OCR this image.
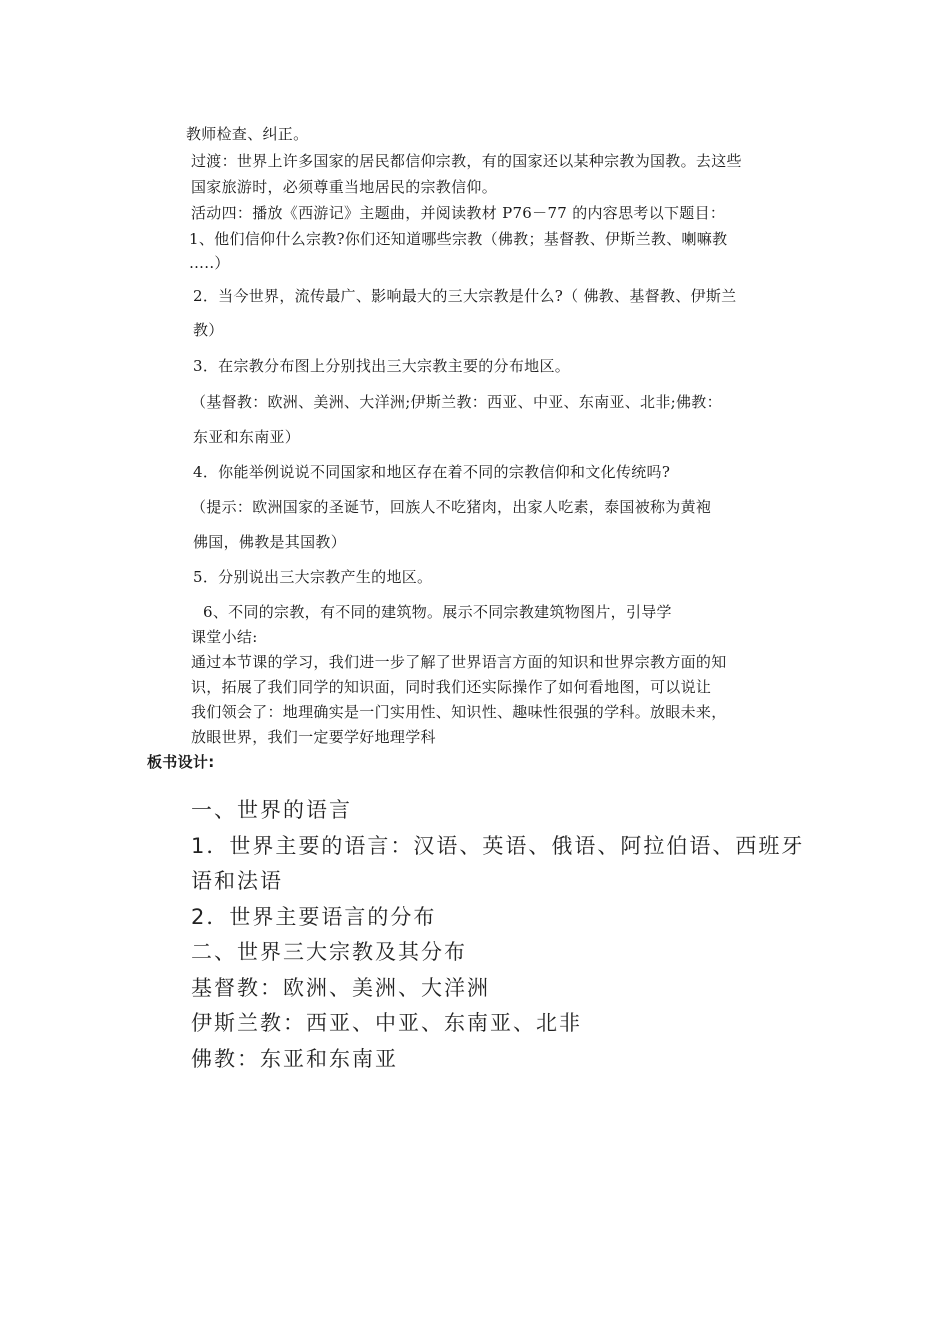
教师检查、纠正。
过渡：世界上许多国家的居民都信仰宗教，有的国家还以某种宗教为国教。去这些
国家旅游时，必须尊重当地居民的宗教信仰。
活动四：播放《西游记》主题曲，并阅读教材 P76－77 的内容思考以下题目：
1、他们信仰什么宗教?你们还知道哪些宗教（佛教；基督教、伊斯兰教、喇嘛教
…..）
2．当今世界，流传最广、影响最大的三大宗教是什么?（ 佛教、基督教、伊斯兰
教）
3．在宗教分布图上分别找出三大宗教主要的分布地区。
（基督教：欧洲、美洲、大洋洲;伊斯兰教：西亚、中亚、东南亚、北非;佛教：
东亚和东南亚）
4．你能举例说说不同国家和地区存在着不同的宗教信仰和文化传统吗?
（提示：欧洲国家的圣诞节，回族人不吃猪肉，出家人吃素，泰国被称为黄袍
佛国，佛教是其国教）
5．分别说出三大宗教产生的地区。
6、不同的宗教，有不同的建筑物。展示不同宗教建筑物图片，引导学
课堂小结:
通过本节课的学习，我们进一步了解了世界语言方面的知识和世界宗教方面的知
识，拓展了我们同学的知识面，同时我们还实际操作了如何看地图，可以说让
我们领会了：地理确实是一门实用性、知识性、趣味性很强的学科。放眼未来，
放眼世界，我们一定要学好地理学科
板书设计:
一、世界的语言
1．世界主要的语言：汉语、英语、俄语、阿拉伯语、西班牙
语和法语
2．世界主要语言的分布
二、世界三大宗教及其分布
基督教：欧洲、美洲、大洋洲
伊斯兰教：西亚、中亚、东南亚、北非
佛教：东亚和东南亚
